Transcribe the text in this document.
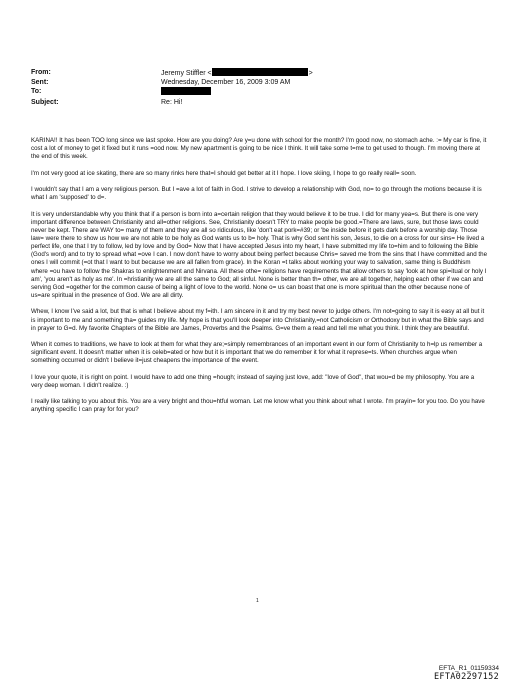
From:	Jeremy Stiffler <	>
Sent:	Wednesday, December 16, 2009 3:09 AM
To:
Subject:	Re: Hi!

KARINA!! It has been TOO long since we last spoke. How are you doing? Are y=u done with school for the month? I'm good now, no stomach ache. := My car is fine, it cost a lot of money to get it fixed but it runs =ood now. My new apartment is going to be nice I think. It will take some t=me to get used to though. I'm moving there at the end of this week.

I'm not very good at ice skating, there are so many rinks here that=I should get better at it I hope. I love skiing, I hope to go really reall= soon.

I wouldn't say that I am a very religious person. But I =ave a lot of faith in God. I strive to develop a relationship with God, no= to go through the motions because it is what I am 'supposed' to d=.

It is very understandable why you think that if a person is born into a=certain religion that they would believe it to be true. I did for many yea=s. But there is one very important difference between Christianity and all=other religions. See, Christianity doesn't TRY to make people be good.=There are laws, sure, but those laws could never be kept. There are WAY to= many of them and they are all so ridiculous, like 'don't eat pork=#39; or 'be inside before it gets dark before a worship day. Those law= were there to show us how we are not able to be holy as God wants us to b= holy. That is why God sent his son, Jesus, to die on a cross for our sins= He lived a perfect life, one that I try to follow, led by love and by God= Now that I have accepted Jesus into my heart, I have submitted my life to=him and to following the Bible (God's word) and to try to spread what =ove I can. I now don't have to worry about being perfect because Chris= saved me from the sins that I have committed and the ones I will commit (=ot that I want to but because we are all fallen from grace). In the Koran =t talks about working your way to salvation, same thing is Buddhism where =ou have to follow the Shakras to enlightenment and Nirvana. All these othe= religions have requirements that allow others to say 'look at how spi=itual or holy I am', 'you aren't as holy as me'. In =hristianity we are all the same to God; all sinful. None is better than th= other, we are all together, helping each other if we can and serving God =ogether for the common cause of being a light of love to the world. None o= us can boast that one is more spiritual than the other because none of us=are spiritual in the presence of God. We are all dirty.

Whew, I know I've said a lot, but that is what I believe about my f=ith. I am sincere in it and try my best never to judge others. I'm not=going to say it is easy at all but it is important to me and something tha= guides my life. My hope is that you'll look deeper into Christianity,=not Catholicism or Orthodoxy but in what the Bible says and in prayer to G=d. My favorite Chapters of the Bible are James, Proverbs and the Psalms. G=ve them a read and tell me what you think. I think they are beautiful.

When it comes to traditions, we have to look at them for what they are;=simply remembrances of an important event in our form of Christianity to h=lp us remember a significant event. It doesn't matter when it is celeb=ated or how but it is important that we do remember it for what it represe=ts. When churches argue when something occurred or didn't I believe it=just cheapens the importance of the event.

I love your quote, it is right on point. I would have to add one thing =hough; instead of saying just love, add: "love of God", that wou=d be my philosophy. You are a very deep woman. I didn't realize. :)

I really like talking to you about this. You are a very bright and thou=htful woman. Let me know what you think about what I wrote. I'm prayin= for you too. Do you have anything specific I can pray for for you?

1
EFTA_R1_01159334
EFTA02297152
